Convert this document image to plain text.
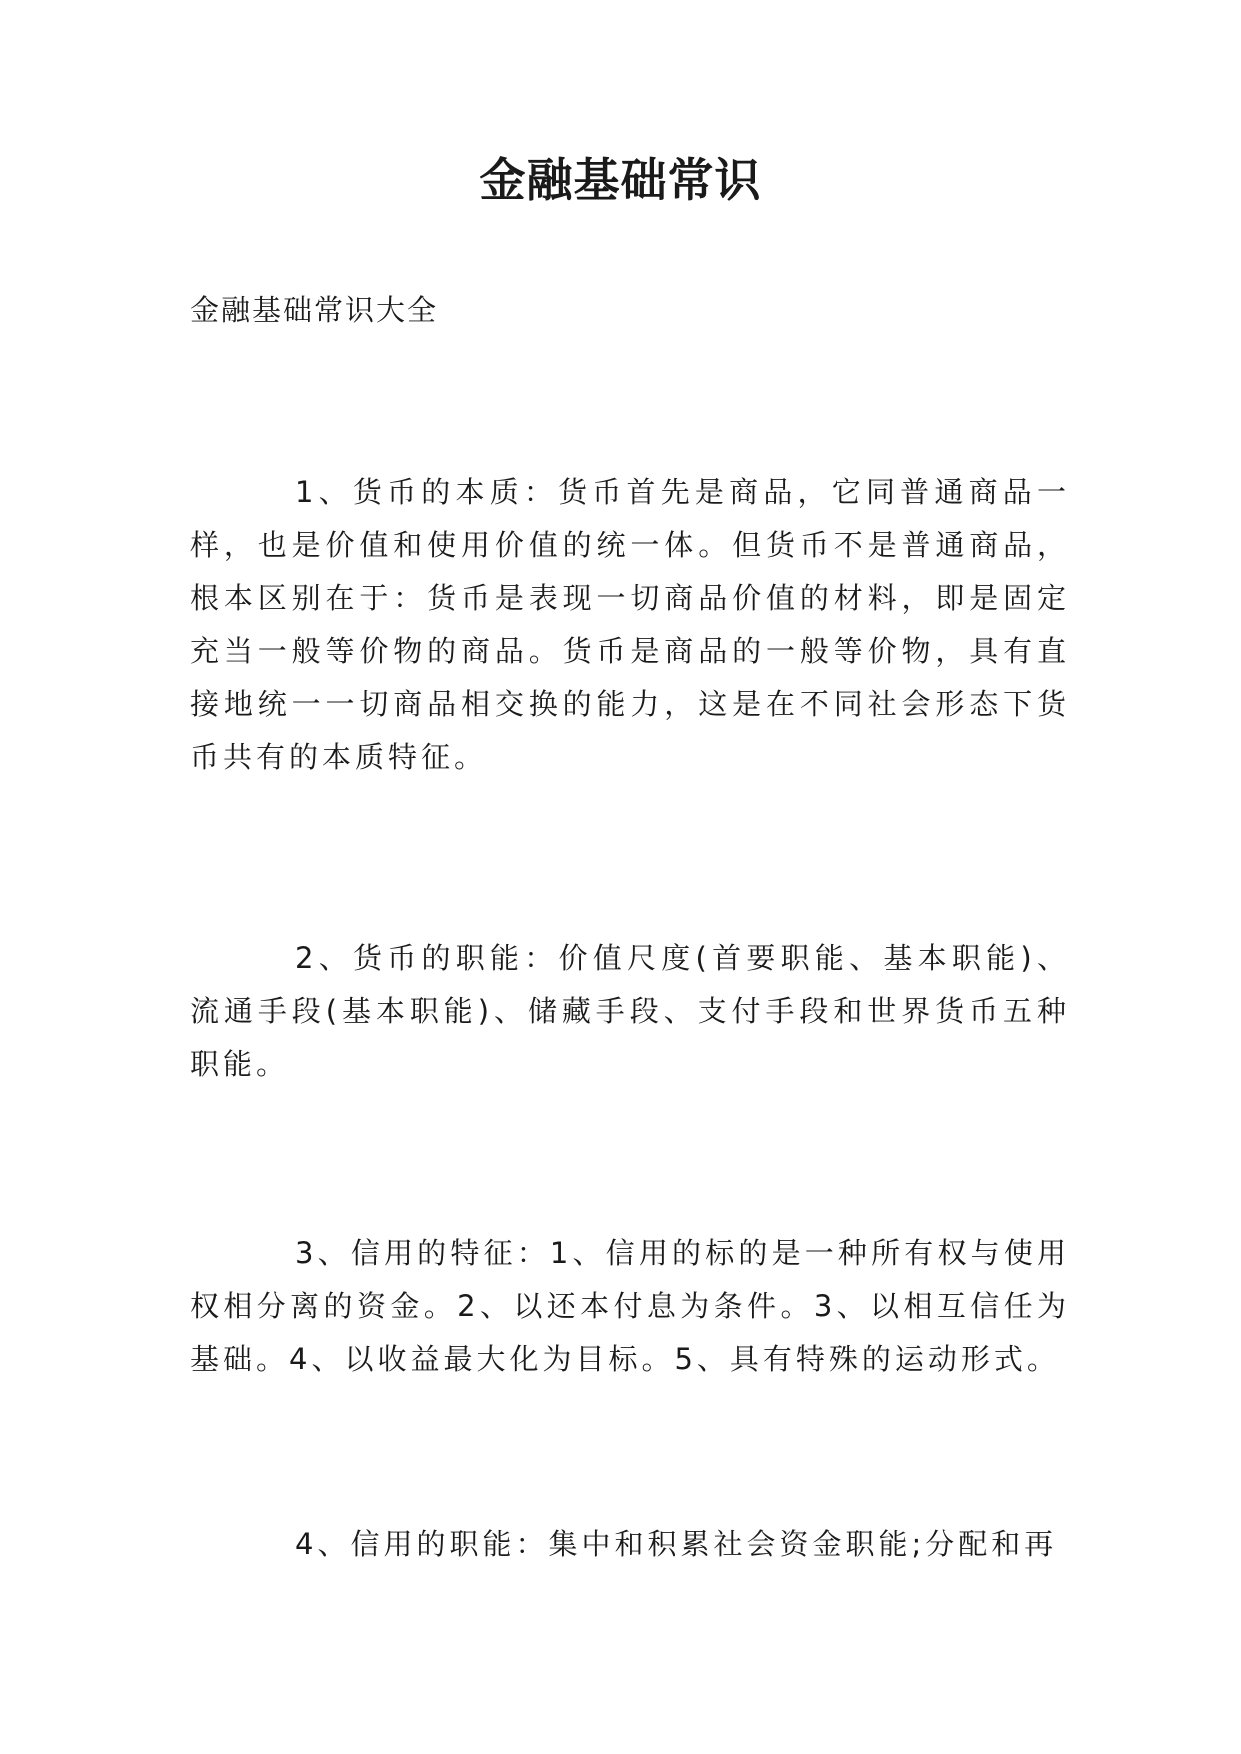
金融基础常识
金融基础常识大全

1、货币的本质：货币首先是商品，它同普通商品一样，也是价值和使用价值的统一体。但货币不是普通商品，根本区别在于：货币是表现一切商品价值的材料，即是固定充当一般等价物的商品。货币是商品的一般等价物，具有直接地统一一切商品相交换的能力，这是在不同社会形态下货币共有的本质特征。

2、货币的职能：价值尺度(首要职能、基本职能)、流通手段(基本职能)、储藏手段、支付手段和世界货币五种职能。

3、信用的特征：1、信用的标的是一种所有权与使用权相分离的资金。2、以还本付息为条件。3、以相互信任为基础。4、以收益最大化为目标。5、具有特殊的运动形式。

4、信用的职能：集中和积累社会资金职能;分配和再
